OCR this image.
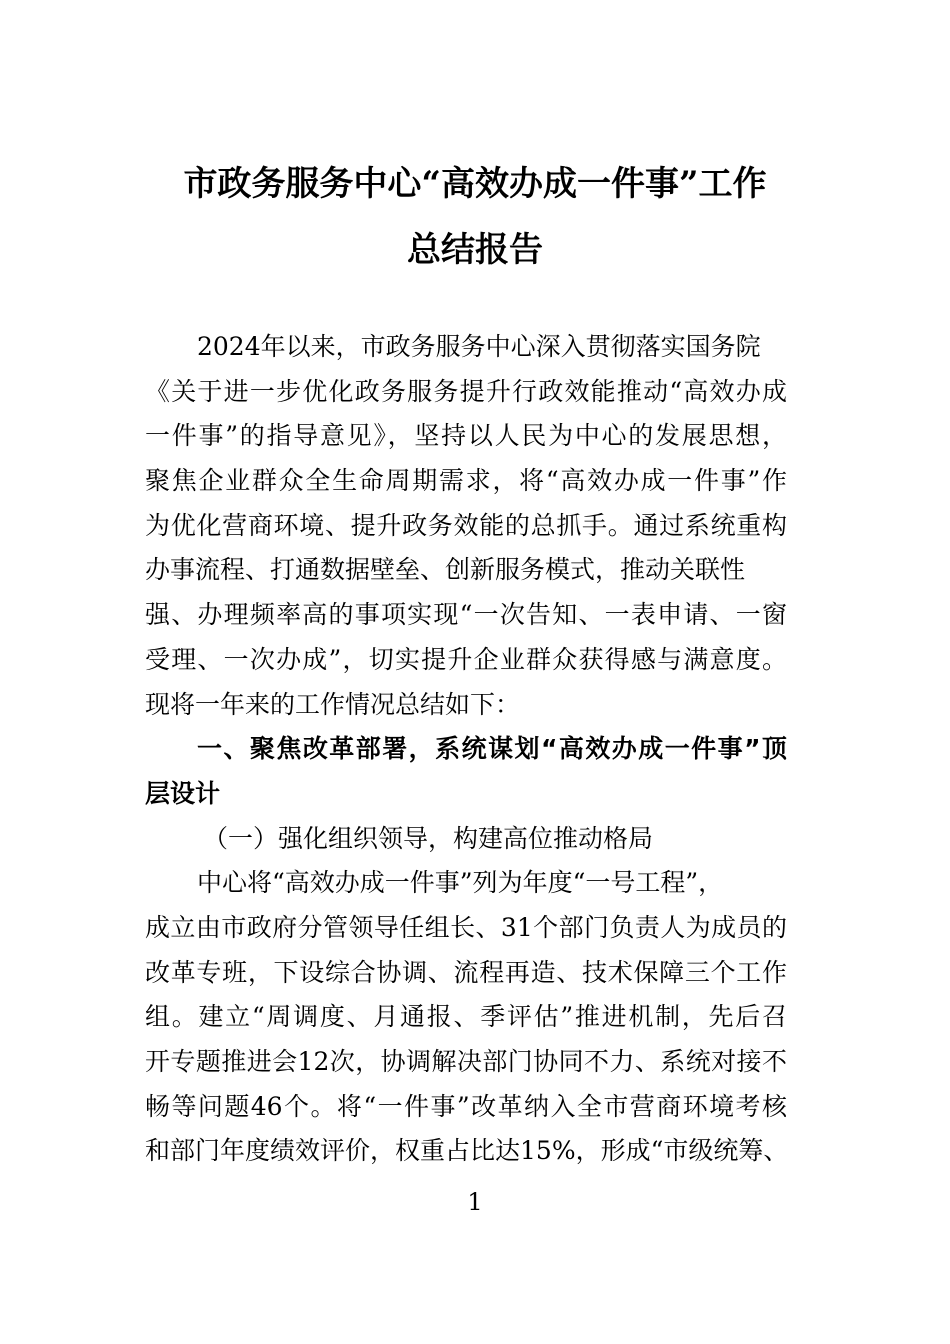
市政务服务中心“高效办成一件事”工作
总结报告
2024年以来，市政务服务中心深入贯彻落实国务院
《关于进一步优化政务服务提升行政效能推动“高效办成
一件事”的指导意见》，坚持以人民为中心的发展思想，
聚焦企业群众全生命周期需求，将“高效办成一件事”作
为优化营商环境、提升政务效能的总抓手。通过系统重构
办事流程、打通数据壁垒、创新服务模式，推动关联性
强、办理频率高的事项实现“一次告知、一表申请、一窗
受理、一次办成”，切实提升企业群众获得感与满意度。
现将一年来的工作情况总结如下：
一、聚焦改革部署，系统谋划“高效办成一件事”顶
层设计
（一）强化组织领导，构建高位推动格局
中心将“高效办成一件事”列为年度“一号工程”，
成立由市政府分管领导任组长、31个部门负责人为成员的
改革专班，下设综合协调、流程再造、技术保障三个工作
组。建立“周调度、月通报、季评估”推进机制，先后召
开专题推进会12次，协调解决部门协同不力、系统对接不
畅等问题46个。将“一件事”改革纳入全市营商环境考核
和部门年度绩效评价，权重占比达15%，形成“市级统筹、
1
